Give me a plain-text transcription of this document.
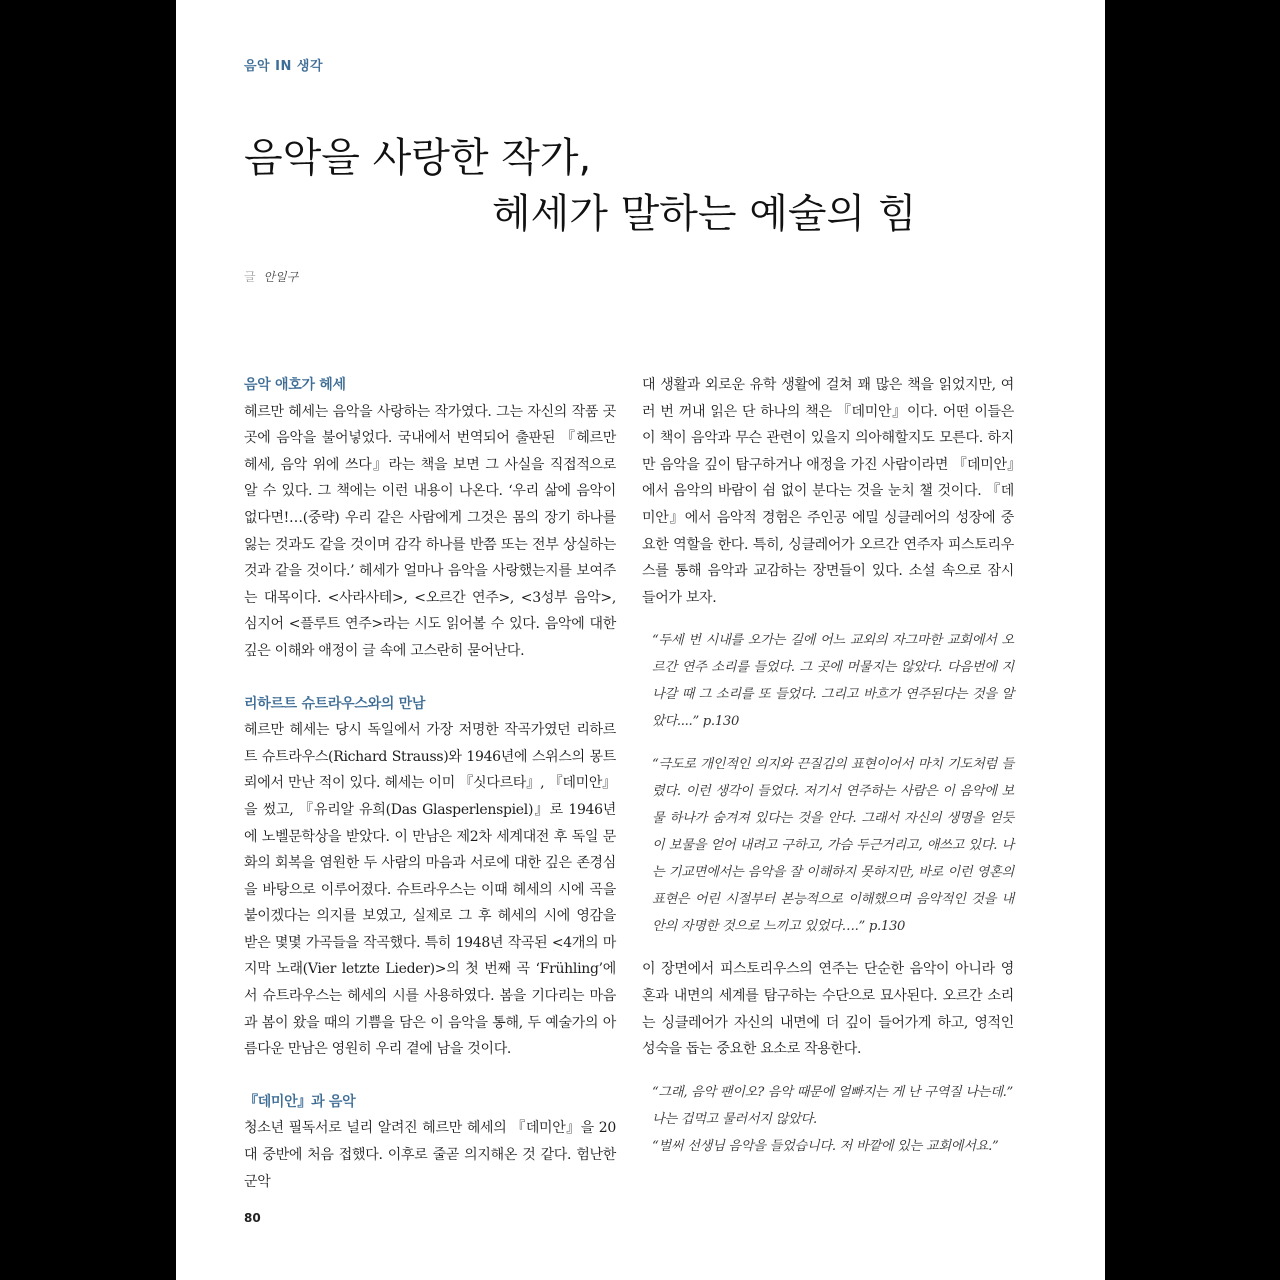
음악 IN 생각
음악을 사랑한 작가,
헤세가 말하는 예술의 힘
글 안일구
음악 애호가 헤세

헤르만 헤세는 음악을 사랑하는 작가였다. 그는 자신의 작품 곳곳에 음악을 불어넣었다. 국내에서 번역되어 출판된 『헤르만 헤세, 음악 위에 쓰다』라는 책을 보면 그 사실을 직접적으로 알 수 있다. 그 책에는 이런 내용이 나온다. ‘우리 삶에 음악이 없다면!…(중략) 우리 같은 사람에게 그것은 몸의 장기 하나를 잃는 것과도 같을 것이며 감각 하나를 반쯤 또는 전부 상실하는 것과 같을 것이다.’ 헤세가 얼마나 음악을 사랑했는지를 보여주는 대목이다. <사라사테>, <오르간 연주>, <3성부 음악>, 심지어 <플루트 연주>라는 시도 읽어볼 수 있다. 음악에 대한 깊은 이해와 애정이 글 속에 고스란히 묻어난다.

리하르트 슈트라우스와의 만남

헤르만 헤세는 당시 독일에서 가장 저명한 작곡가였던 리하르트 슈트라우스(Richard Strauss)와 1946년에 스위스의 몽트뢰에서 만난 적이 있다. 헤세는 이미 『싯다르타』, 『데미안』을 썼고, 『유리알 유희(Das Glasperlenspiel)』로 1946년에 노벨문학상을 받았다. 이 만남은 제2차 세계대전 후 독일 문화의 회복을 염원한 두 사람의 마음과 서로에 대한 깊은 존경심을 바탕으로 이루어졌다. 슈트라우스는 이때 헤세의 시에 곡을 붙이겠다는 의지를 보였고, 실제로 그 후 헤세의 시에 영감을 받은 몇몇 가곡들을 작곡했다. 특히 1948년 작곡된 <4개의 마지막 노래(Vier letzte Lieder)>의 첫 번째 곡 ‘Frühling’에서 슈트라우스는 헤세의 시를 사용하였다. 봄을 기다리는 마음과 봄이 왔을 때의 기쁨을 담은 이 음악을 통해, 두 예술가의 아름다운 만남은 영원히 우리 곁에 남을 것이다.

『데미안』과 음악

청소년 필독서로 널리 알려진 헤르만 헤세의 『데미안』을 20대 중반에 처음 접했다. 이후로 줄곧 의지해온 것 같다. 험난한 군악

대 생활과 외로운 유학 생활에 걸쳐 꽤 많은 책을 읽었지만, 여러 번 꺼내 읽은 단 하나의 책은 『데미안』이다. 어떤 이들은 이 책이 음악과 무슨 관련이 있을지 의아해할지도 모른다. 하지만 음악을 깊이 탐구하거나 애정을 가진 사람이라면 『데미안』에서 음악의 바람이 쉼 없이 분다는 것을 눈치 챌 것이다. 『데미안』에서 음악적 경험은 주인공 에밀 싱클레어의 성장에 중요한 역할을 한다. 특히, 싱클레어가 오르간 연주자 피스토리우스를 통해 음악과 교감하는 장면들이 있다. 소설 속으로 잠시 들어가 보자.

“두세 번 시내를 오가는 길에 어느 교외의 자그마한 교회에서 오르간 연주 소리를 들었다. 그 곳에 머물지는 않았다. 다음번에 지나갈 때 그 소리를 또 들었다. 그리고 바흐가 연주된다는 것을 알았다....” p.130

“극도로 개인적인 의지와 끈질김의 표현이어서 마치 기도처럼 들렸다. 이런 생각이 들었다. 저기서 연주하는 사람은 이 음악에 보물 하나가 숨겨져 있다는 것을 안다. 그래서 자신의 생명을 얻듯 이 보물을 얻어 내려고 구하고, 가슴 두근거리고, 애쓰고 있다. 나는 기교면에서는 음악을 잘 이해하지 못하지만, 바로 이런 영혼의 표현은 어린 시절부터 본능적으로 이해했으며 음악적인 것을 내 안의 자명한 것으로 느끼고 있었다….” p.130

이 장면에서 피스토리우스의 연주는 단순한 음악이 아니라 영혼과 내면의 세계를 탐구하는 수단으로 묘사된다. 오르간 소리는 싱클레어가 자신의 내면에 더 깊이 들어가게 하고, 영적인 성숙을 돕는 중요한 요소로 작용한다.

“그래, 음악 팬이오? 음악 때문에 얼빠지는 게 난 구역질 나는데.”

나는 겁먹고 물러서지 않았다.

“벌써 선생님 음악을 들었습니다. 저 바깥에 있는 교회에서요.”

80
